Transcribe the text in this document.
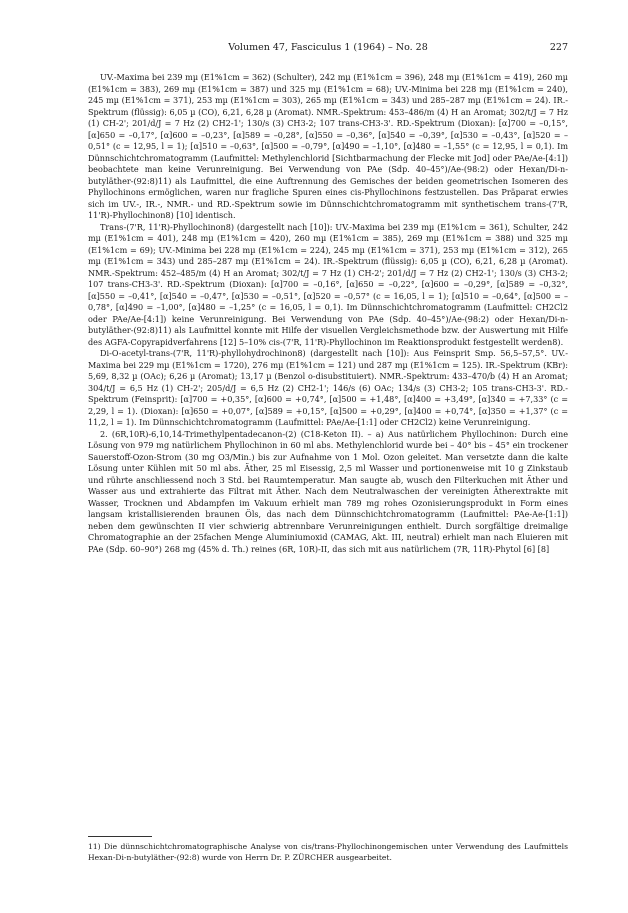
Volumen 47, Fasciculus 1 (1964) – No. 28	227

UV.-Maxima bei 239 mµ (E1%1cm = 362) (Schulter), 242 mµ (E1%1cm = 396), 248 mµ (E1%1cm = 419), 260 mµ (E1%1cm = 383), 269 mµ (E1%1cm = 387) und 325 mµ (E1%1cm = 68); UV.-Minima bei 228 mµ (E1%1cm = 240), 245 mµ (E1%1cm = 371), 253 mµ (E1%1cm = 303), 265 mµ (E1%1cm = 343) und 285–287 mµ (E1%1cm = 24). IR.-Spektrum (flüssig): 6,05 µ (CO), 6,21, 6,28 µ (Aromat). NMR.-Spektrum: 453–486/m (4) H an Aromat; 302/t/J = 7 Hz (1) CH-2'; 201/d/J = 7 Hz (2) CH2-1'; 130/s (3) CH3-2; 107 trans-CH3-3'. RD.-Spektrum (Dioxan): [α]700 = –0,15°, [α]650 = –0,17°, [α]600 = –0,23°, [α]589 = –0,28°, [α]550 = –0,36°, [α]540 = –0,39°, [α]530 = –0,43°, [α]520 = –0,51° (c = 12,95, l = 1); [α]510 = –0,63°, [α]500 = –0,79°, [α]490 = –1,10°, [α]480 = –1,55° (c = 12,95, l = 0,1). Im Dünnschichtchromatogramm (Laufmittel: Methylenchlorid [Sichtbarmachung der Flecke mit Jod] oder PAe/Ae-[4:1]) beobachtete man keine Verunreinigung. Bei Verwendung von PAe (Sdp. 40–45°)/Ae-(98:2) oder Hexan/Di-n-butyläther-(92:8)11) als Laufmittel, die eine Auftrennung des Gemisches der beiden geometrischen Isomeren des Phyllochinons ermöglichen, waren nur fragliche Spuren eines cis-Phyllochinons festzustellen. Das Präparat erwies sich im UV.-, IR.-, NMR.- und RD.-Spektrum sowie im Dünnschichtchromatogramm mit synthetischem trans-(7'R, 11'R)-Phyllochinon8) [10] identisch.

Trans-(7'R, 11'R)-Phyllochinon8) (dargestellt nach [10]): UV.-Maxima bei 239 mµ (E1%1cm = 361), Schulter, 242 mµ (E1%1cm = 401), 248 mµ (E1%1cm = 420), 260 mµ (E1%1cm = 385), 269 mµ (E1%1cm = 388) und 325 mµ (E1%1cm = 69); UV.-Minima bei 228 mµ (E1%1cm = 224), 245 mµ (E1%1cm = 371), 253 mµ (E1%1cm = 312), 265 mµ (E1%1cm = 343) und 285–287 mµ (E1%1cm = 24). IR.-Spektrum (flüssig): 6,05 µ (CO), 6,21, 6,28 µ (Aromat). NMR.-Spektrum: 452–485/m (4) H an Aromat; 302/t/J = 7 Hz (1) CH-2'; 201/d/J = 7 Hz (2) CH2-1'; 130/s (3) CH3-2; 107 trans-CH3-3'. RD.-Spektrum (Dioxan): [α]700 = –0,16°, [α]650 = –0,22°, [α]600 = –0,29°, [α]589 = –0,32°, [α]550 = –0,41°, [α]540 = –0,47°, [α]530 = –0,51°, [α]520 = –0,57° (c = 16,05, l = 1); [α]510 = –0,64°, [α]500 = –0,78°, [α]490 = –1,00°, [α]480 = –1,25° (c = 16,05, l = 0,1). Im Dünnschichtchromatogramm (Laufmittel: CH2Cl2 oder PAe/Ae-[4:1]) keine Verunreinigung. Bei Verwendung von PAe (Sdp. 40–45°)/Ae-(98:2) oder Hexan/Di-n-butyläther-(92:8)11) als Laufmittel konnte mit Hilfe der visuellen Vergleichsmethode bzw. der Auswertung mit Hilfe des AGFA-Copyrapidverfahrens [12] 5–10% cis-(7'R, 11'R)-Phyllochinon im Reaktionsprodukt festgestellt werden8).

Di-O-acetyl-trans-(7'R, 11'R)-phyllohydrochinon8) (dargestellt nach [10]): Aus Feinsprit Smp. 56,5–57,5°. UV.-Maxima bei 229 mµ (E1%1cm = 1720), 276 mµ (E1%1cm = 121) und 287 mµ (E1%1cm = 125). IR.-Spektrum (KBr): 5,69, 8,32 µ (OAc); 6,26 µ (Aromat); 13,17 µ (Benzol o-disubstituiert). NMR.-Spektrum: 433–470/b (4) H an Aromat; 304/t/J = 6,5 Hz (1) CH-2'; 205/d/J = 6,5 Hz (2) CH2-1'; 146/s (6) OAc; 134/s (3) CH3-2; 105 trans-CH3-3'. RD.-Spektrum (Feinsprit): [α]700 = +0,35°, [α]600 = +0,74°, [α]500 = +1,48°, [α]400 = +3,49°, [α]340 = +7,33° (c = 2,29, l = 1). (Dioxan): [α]650 = +0,07°, [α]589 = +0,15°, [α]500 = +0,29°, [α]400 = +0,74°, [α]350 = +1,37° (c = 11,2, l = 1). Im Dünnschichtchromatogramm (Laufmittel: PAe/Ae-[1:1] oder CH2Cl2) keine Verunreinigung.

2. (6R,10R)-6,10,14-Trimethylpentadecanon-(2) (C18-Keton II). – a) Aus natürlichem Phyllochinon: Durch eine Lösung von 979 mg natürlichem Phyllochinon in 60 ml abs. Methylenchlorid wurde bei – 40° bis – 45° ein trockener Sauerstoff-Ozon-Strom (30 mg O3/Min.) bis zur Aufnahme von 1 Mol. Ozon geleitet. Man versetzte dann die kalte Lösung unter Kühlen mit 50 ml abs. Äther, 25 ml Eisessig, 2,5 ml Wasser und portionenweise mit 10 g Zinkstaub und rührte anschliessend noch 3 Std. bei Raumtemperatur. Man saugte ab, wusch den Filterkuchen mit Äther und Wasser aus und extrahierte das Filtrat mit Äther. Nach dem Neutralwaschen der vereinigten Ätherextrakte mit Wasser, Trocknen und Abdampfen im Vakuum erhielt man 789 mg rohes Ozonisierungsprodukt in Form eines langsam kristallisierenden braunen Öls, das nach dem Dünnschichtchromatogramm (Laufmittel: PAe-Ae-[1:1]) neben dem gewünschten II vier schwierig abtrennbare Verunreinigungen enthielt. Durch sorgfältige dreimalige Chromatographie an der 25fachen Menge Aluminiumoxid (CAMAG, Akt. III, neutral) erhielt man nach Eluieren mit PAe (Sdp. 60–90°) 268 mg (45% d. Th.) reines (6R, 10R)-II, das sich mit aus natürlichem (7R, 11R)-Phytol [6] [8]

11) Die dünnschichtchromatographische Analyse von cis/trans-Phyllochinongemischen unter Verwendung des Laufmittels Hexan-Di-n-butyläther-(92:8) wurde von Herrn Dr. P. ZÜRCHER ausgearbeitet.
